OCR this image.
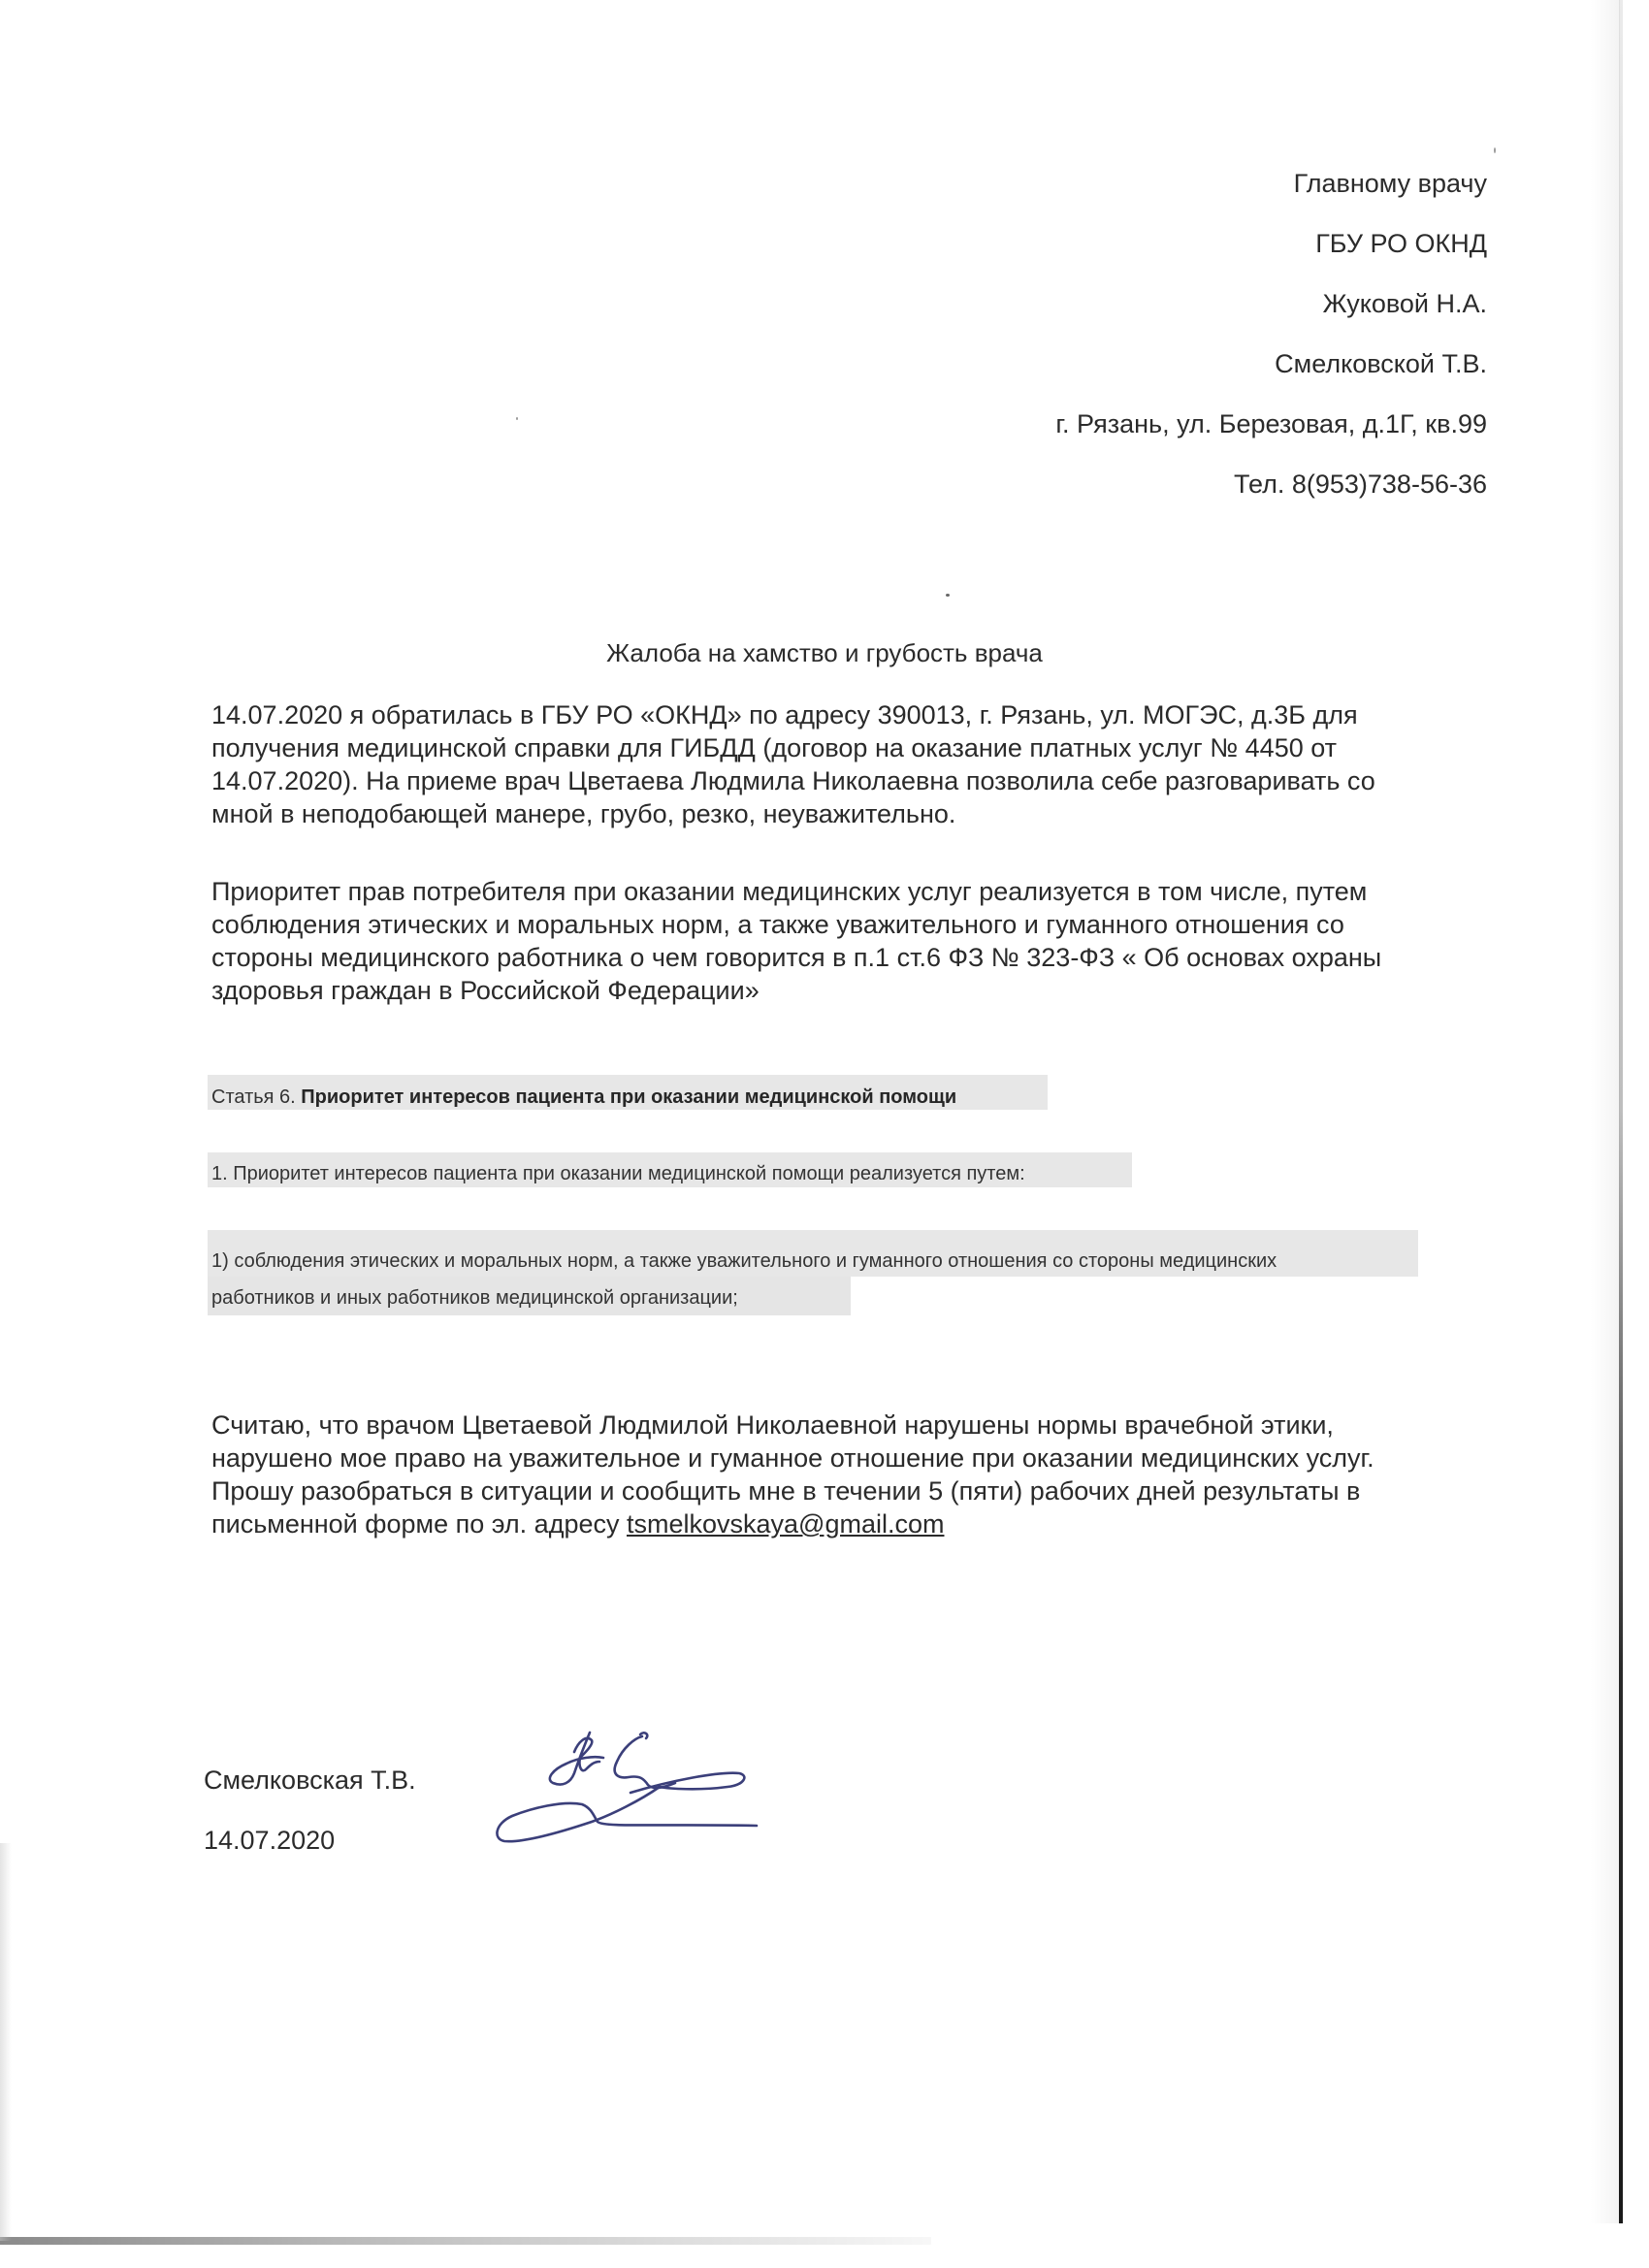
Главному врачу
ГБУ РО ОКНД
Жуковой Н.А.
Смелковской Т.В.
г. Рязань, ул. Березовая, д.1Г, кв.99
Тел. 8(953)738-56-36
Жалоба на хамство и грубость врача
14.07.2020 я обратилась в ГБУ РО «ОКНД» по адресу 390013, г. Рязань, ул. МОГЭС, д.3Б для
получения медицинской справки для ГИБДД (договор на оказание платных услуг № 4450 от
14.07.2020). На приеме врач Цветаева Людмила Николаевна позволила себе разговаривать со
мной в неподобающей манере, грубо, резко, неуважительно.
Приоритет прав потребителя при оказании медицинских услуг реализуется в том числе, путем
соблюдения этических и моральных норм, а также уважительного и гуманного отношения со
стороны медицинского работника о чем говорится в п.1 ст.6 ФЗ № 323-ФЗ « Об основах охраны
здоровья граждан в Российской Федерации»
Статья 6. Приоритет интересов пациента при оказании медицинской помощи
1. Приоритет интересов пациента при оказании медицинской помощи реализуется путем:
1) соблюдения этических и моральных норм, а также уважительного и гуманного отношения со стороны медицинских
работников и иных работников медицинской организации;
Считаю, что врачом Цветаевой Людмилой Николаевной нарушены нормы врачебной этики,
нарушено мое право на уважительное и гуманное отношение при оказании медицинских услуг.
Прошу разобраться в ситуации и сообщить мне в течении 5 (пяти) рабочих дней результаты в
письменной форме по эл. адресу tsmelkovskaya@gmail.com
Смелковская Т.В.
14.07.2020
